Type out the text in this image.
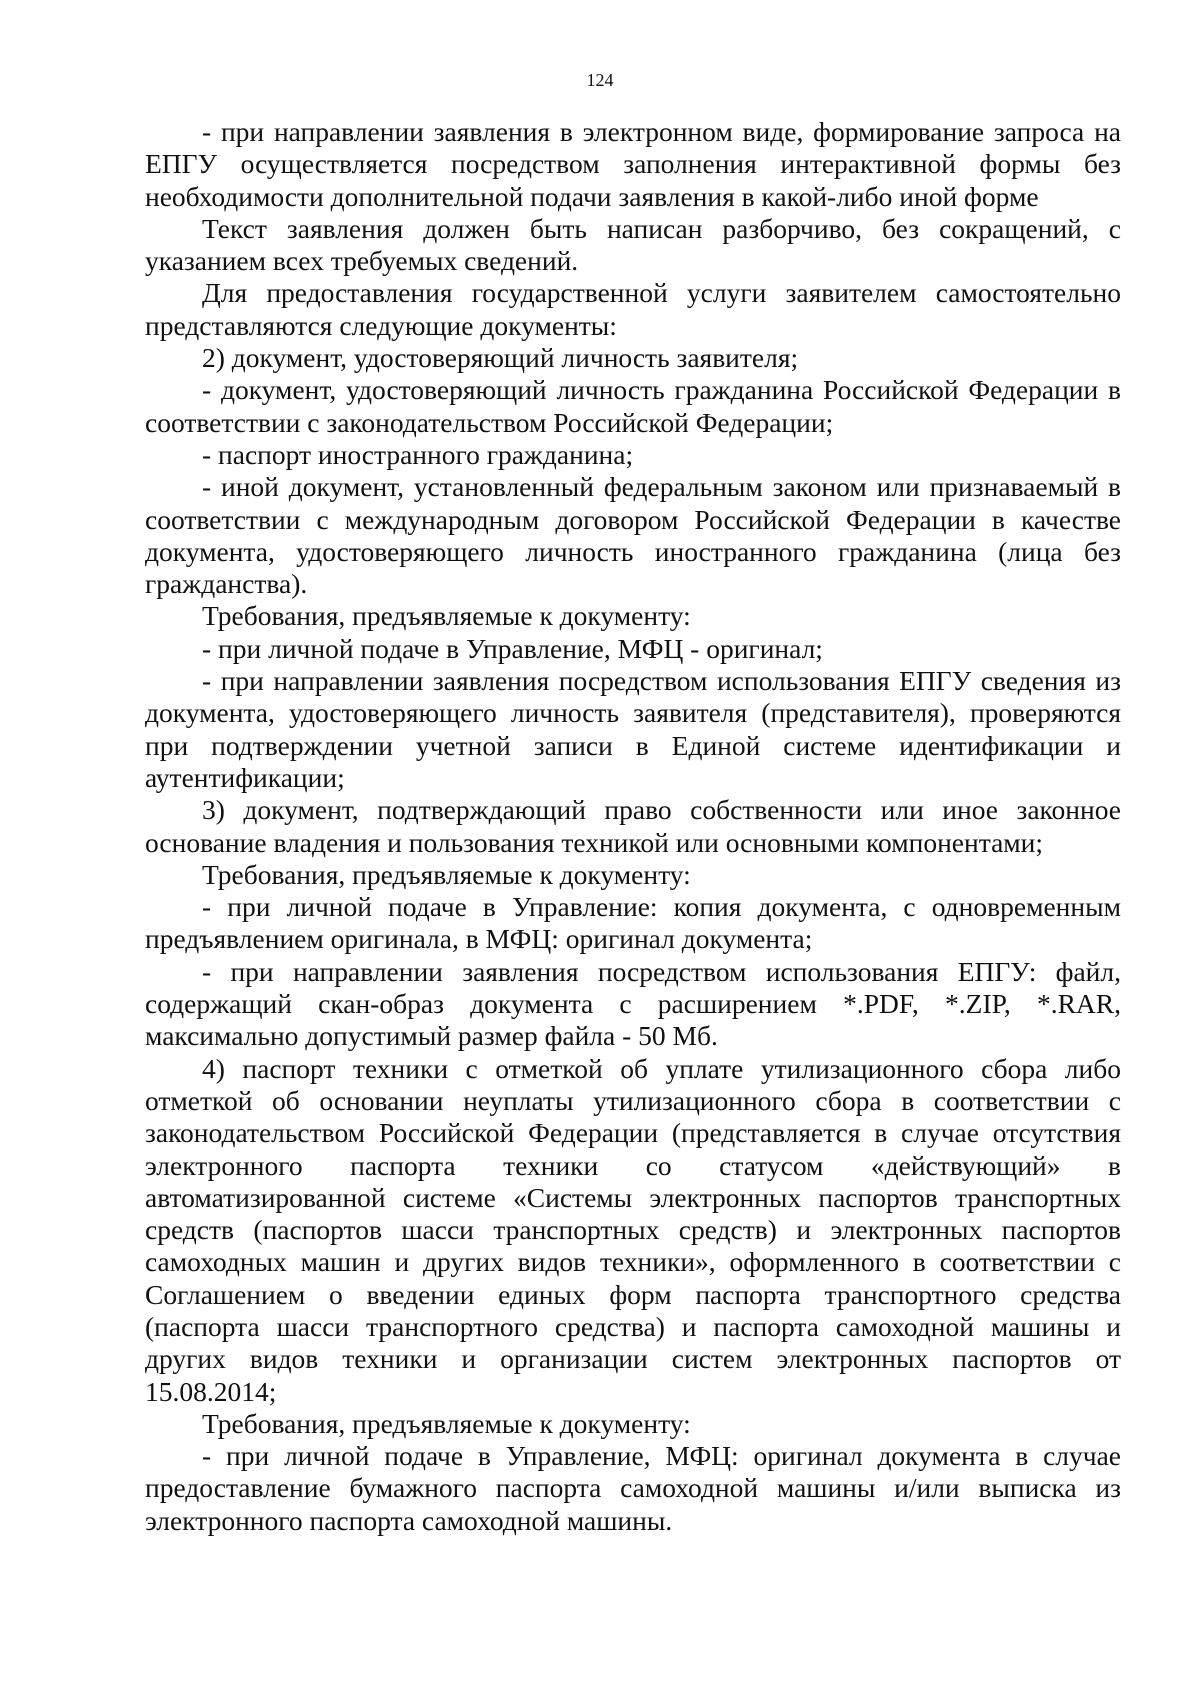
124

- при направлении заявления в электронном виде, формирование запроса на ЕПГУ осуществляется посредством заполнения интерактивной формы без необходимости дополнительной подачи заявления в какой-либо иной форме

Текст заявления должен быть написан разборчиво, без сокращений, с указанием всех требуемых сведений.

Для предоставления государственной услуги заявителем самостоятельно представляются следующие документы:

2) документ, удостоверяющий личность заявителя;

- документ, удостоверяющий личность гражданина Российской Федерации в соответствии с законодательством Российской Федерации;

- паспорт иностранного гражданина;

- иной документ, установленный федеральным законом или признаваемый в соответствии с международным договором Российской Федерации в качестве документа, удостоверяющего личность иностранного гражданина (лица без гражданства).

Требования, предъявляемые к документу:

- при личной подаче в Управление, МФЦ - оригинал;

- при направлении заявления посредством использования ЕПГУ сведения из документа, удостоверяющего личность заявителя (представителя), проверяются при подтверждении учетной записи в Единой системе идентификации и аутентификации;

3) документ, подтверждающий право собственности или иное законное основание владения и пользования техникой или основными компонентами;

Требования, предъявляемые к документу:

- при личной подаче в Управление: копия документа, с одновременным предъявлением оригинала, в МФЦ: оригинал документа;

- при направлении заявления посредством использования ЕПГУ: файл, содержащий скан-образ документа с расширением *.PDF, *.ZIP, *.RAR, максимально допустимый размер файла - 50 Мб.

4) паспорт техники с отметкой об уплате утилизационного сбора либо отметкой об основании неуплаты утилизационного сбора в соответствии с законодательством Российской Федерации (представляется в случае отсутствия электронного паспорта техники со статусом «действующий» в автоматизированной системе «Системы электронных паспортов транспортных средств (паспортов шасси транспортных средств) и электронных паспортов самоходных машин и других видов техники», оформленного в соответствии с Соглашением о введении единых форм паспорта транспортного средства (паспорта шасси транспортного средства) и паспорта самоходной машины и других видов техники и организации систем электронных паспортов от 15.08.2014;

Требования, предъявляемые к документу:

- при личной подаче в Управление, МФЦ: оригинал документа в случае предоставление бумажного паспорта самоходной машины и/или выписка из электронного паспорта самоходной машины.
